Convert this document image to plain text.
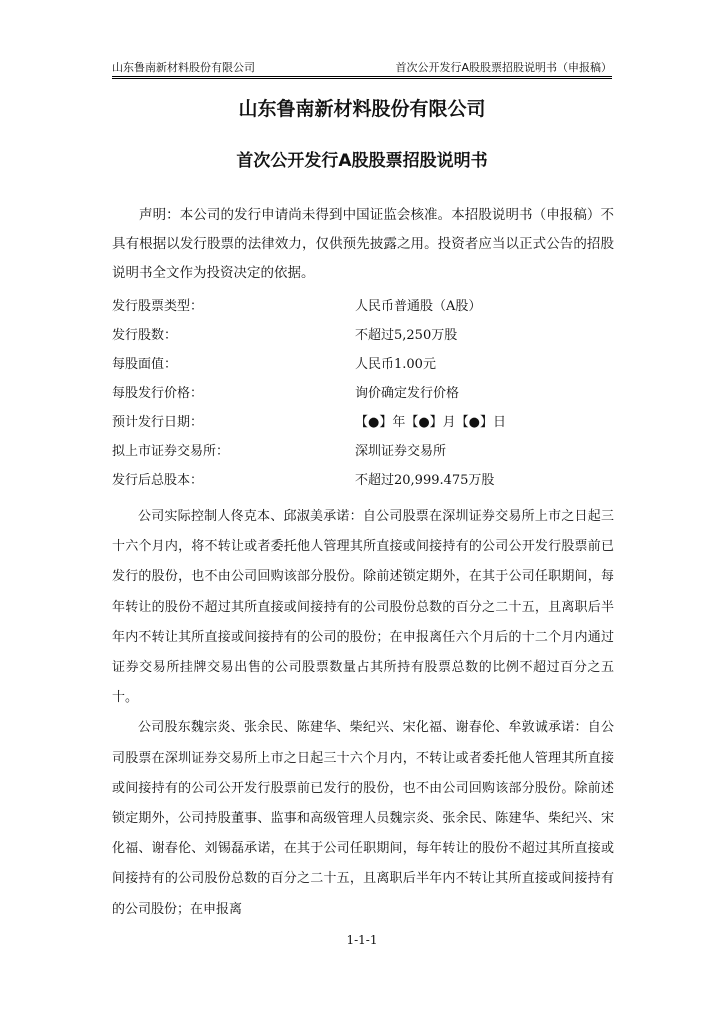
山东鲁南新材料股份有限公司	首次公开发行A股股票招股说明书（申报稿）
山东鲁南新材料股份有限公司
首次公开发行A股股票招股说明书
声明：本公司的发行申请尚未得到中国证监会核准。本招股说明书（申报稿）不具有根据以发行股票的法律效力，仅供预先披露之用。投资者应当以正式公告的招股说明书全文作为投资决定的依据。
发行股票类型：	人民币普通股（A股）
发行股数：	不超过5,250万股
每股面值：	人民币1.00元
每股发行价格：	询价确定发行价格
预计发行日期：	【●】年【●】月【●】日
拟上市证券交易所：	深圳证券交易所
发行后总股本：	不超过20,999.475万股

公司实际控制人佟克本、邱淑美承诺：自公司股票在深圳证券交易所上市之日起三十六个月内，将不转让或者委托他人管理其所直接或间接持有的公司公开发行股票前已发行的股份，也不由公司回购该部分股份。除前述锁定期外，在其于公司任职期间，每年转让的股份不超过其所直接或间接持有的公司股份总数的百分之二十五，且离职后半年内不转让其所直接或间接持有的公司的股份；在申报离任六个月后的十二个月内通过证券交易所挂牌交易出售的公司股票数量占其所持有股票总数的比例不超过百分之五十。

公司股东魏宗炎、张余民、陈建华、柴纪兴、宋化福、谢春伦、牟敦诚承诺：自公司股票在深圳证券交易所上市之日起三十六个月内，不转让或者委托他人管理其所直接或间接持有的公司公开发行股票前已发行的股份，也不由公司回购该部分股份。除前述锁定期外，公司持股董事、监事和高级管理人员魏宗炎、张余民、陈建华、柴纪兴、宋化福、谢春伦、刘锡磊承诺，在其于公司任职期间，每年转让的股份不超过其所直接或间接持有的公司股份总数的百分之二十五，且离职后半年内不转让其所直接或间接持有的公司股份；在申报离

1-1-1
